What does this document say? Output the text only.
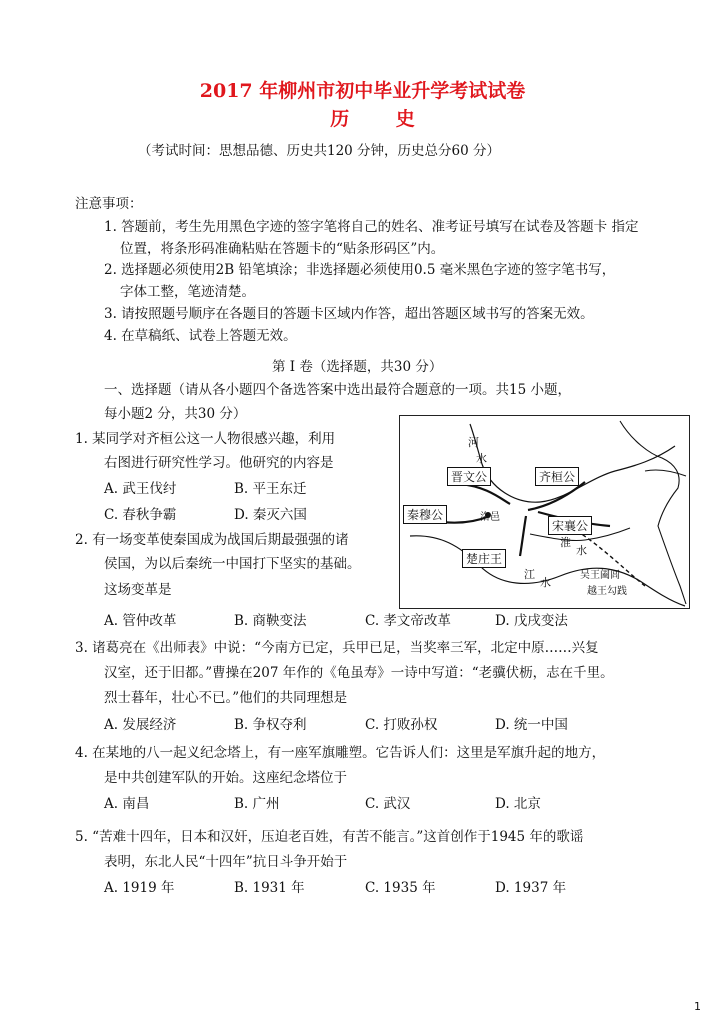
2017 年柳州市初中毕业升学考试试卷
历 史
（考试时间：思想品德、历史共120 分钟，历史总分60 分）
注意事项：
1. 答题前，考生先用黑色字迹的签字笔将自己的姓名、准考证号填写在试卷及答题卡 指定
位置，将条形码准确粘贴在答题卡的“贴条形码区”内。
2. 选择题必须使用2B 铅笔填涂；非选择题必须使用0.5 毫米黑色字迹的签字笔书写，
字体工整，笔迹清楚。
3. 请按照题号顺序在各题目的答题卡区域内作答，超出答题区域书写的答案无效。
4. 在草稿纸、试卷上答题无效。
第 Ⅰ 卷（选择题，共30 分）
一、选择题（请从各小题四个备选答案中选出最符合题意的一项。共15 小题，
每小题2 分，共30 分）
1. 某同学对齐桓公这一人物很感兴趣，利用
右图进行研究性学习。他研究的内容是
A. 武王伐纣	B. 平王东迁
C. 春秋争霸	D. 秦灭六国
2. 有一场变革使秦国成为战国后期最强强的诸
侯国，为以后秦统一中国打下坚实的基础。
这场变革是
A. 管仲改革	B. 商鞅变法	C. 孝文帝改革	D. 戊戌变法
3. 诸葛亮在《出师表》中说：“今南方已定，兵甲已足，当奖率三军，北定中原……兴复
汉室，还于旧都。”曹操在207 年作的《龟虽寿》一诗中写道：“老骥伏枥，志在千里。
烈士暮年，壮心不已。”他们的共同理想是
A. 发展经济	B. 争权夺利	C. 打败孙权	D. 统一中国
4. 在某地的八一起义纪念塔上，有一座军旗雕塑。它告诉人们：这里是军旗升起的地方，
是中共创建军队的开始。这座纪念塔位于
A. 南昌	B. 广州	C. 武汉	D. 北京
5. “苦难十四年，日本和汉奸，压迫老百姓，有苦不能言。”这首创作于1945 年的歌谣
表明，东北人民“十四年”抗日斗争开始于
A. 1919 年	B. 1931 年	C. 1935 年	D. 1937 年
河
水
洛邑
淮
水
江
水
吴王阖闾
越王勾践
晋文公	齐桓公
秦穆公
宋襄公
楚庄王
1
